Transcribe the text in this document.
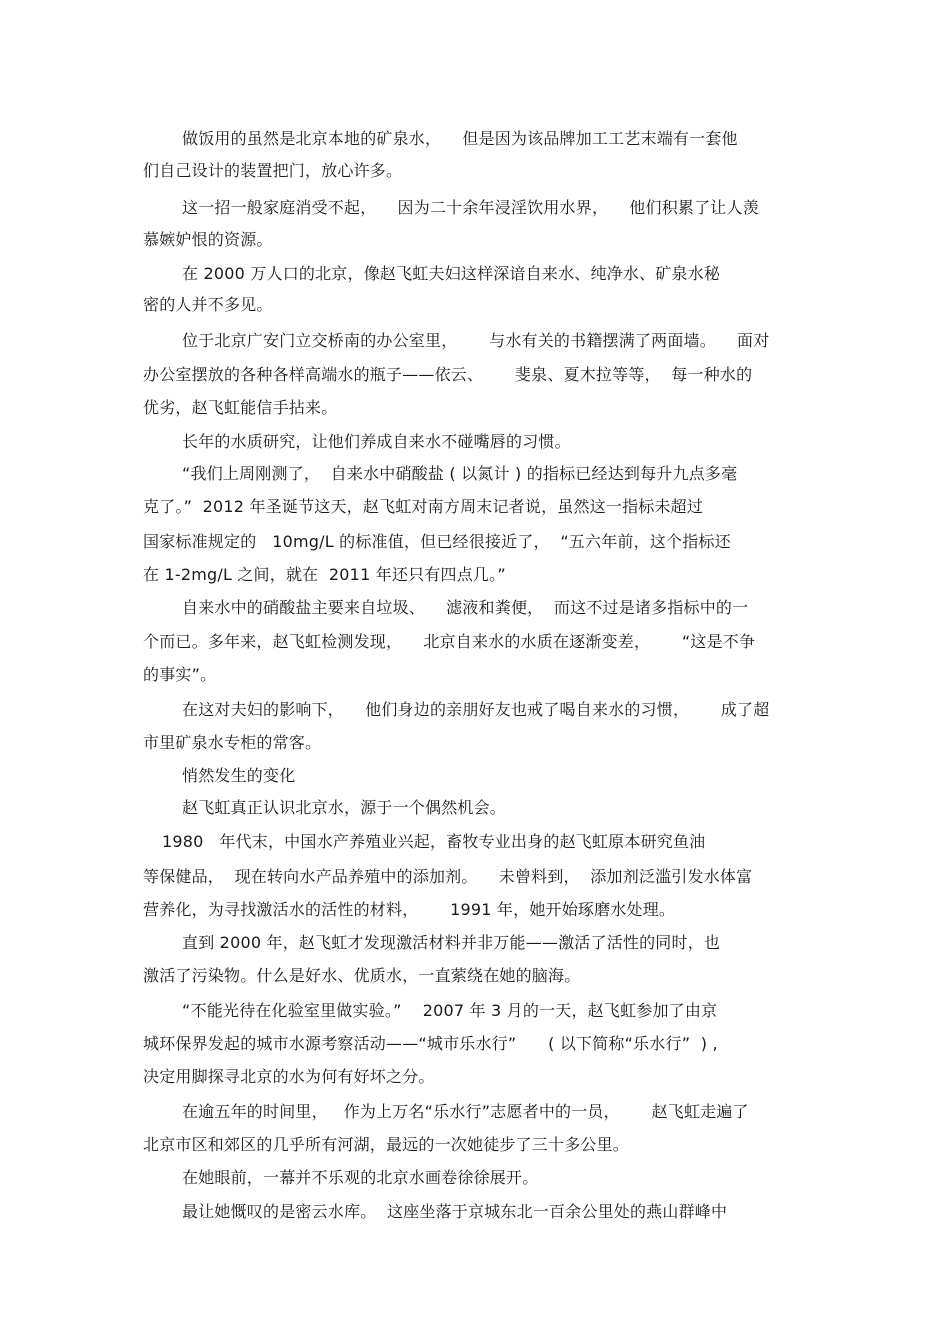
做饭用的虽然是北京本地的矿泉水，    但是因为该品牌加工工艺末端有一套他
们自己设计的装置把门，放心许多。
这一招一般家庭消受不起，    因为二十余年浸淫饮用水界，    他们积累了让人羡
慕嫉妒恨的资源。
在 2000 万人口的北京，像赵飞虹夫妇这样深谙自来水、纯净水、矿泉水秘
密的人并不多见。
位于北京广安门立交桥南的办公室里，      与水有关的书籍摆满了两面墙。    面对
办公室摆放的各种各样高端水的瓶子——依云、      斐泉、夏木拉等等，  每一种水的
优劣，赵飞虹能信手拈来。
长年的水质研究，让他们养成自来水不碰嘴唇的习惯。
“我们上周刚测了，  自来水中硝酸盐 ( 以氮计 ) 的指标已经达到每升九点多毫
克了。”  2012 年圣诞节这天，赵飞虹对南方周末记者说，虽然这一指标未超过
国家标准规定的   10mg/L 的标准值，但已经很接近了，  “五六年前，这个指标还
在 1-2mg/L 之间，就在  2011 年还只有四点几。”
自来水中的硝酸盐主要来自垃圾、    滤液和粪便，  而这不过是诸多指标中的一
个而已。多年来，赵飞虹检测发现，    北京自来水的水质在逐渐变差，      “这是不争
的事实”。
在这对夫妇的影响下，    他们身边的亲朋好友也戒了喝自来水的习惯，      成了超
市里矿泉水专柜的常客。
悄然发生的变化
赵飞虹真正认识北京水，源于一个偶然机会。
1980   年代末，中国水产养殖业兴起，畜牧专业出身的赵飞虹原本研究鱼油
等保健品，  现在转向水产品养殖中的添加剂。    未曾料到，  添加剂泛滥引发水体富
营养化，为寻找激活水的活性的材料，      1991 年，她开始琢磨水处理。
直到 2000 年，赵飞虹才发现激活材料并非万能——激活了活性的同时，也
激活了污染物。什么是好水、优质水，一直萦绕在她的脑海。
“不能光待在化验室里做实验。”    2007 年 3 月的一天，赵飞虹参加了由京
城环保界发起的城市水源考察活动——“城市乐水行”      ( 以下简称“乐水行”  ) ,
决定用脚探寻北京的水为何有好坏之分。
在逾五年的时间里，   作为上万名“乐水行”志愿者中的一员，      赵飞虹走遍了
北京市区和郊区的几乎所有河湖，最远的一次她徒步了三十多公里。
在她眼前，一幕并不乐观的北京水画卷徐徐展开。
最让她慨叹的是密云水库。  这座坐落于京城东北一百余公里处的燕山群峰中
